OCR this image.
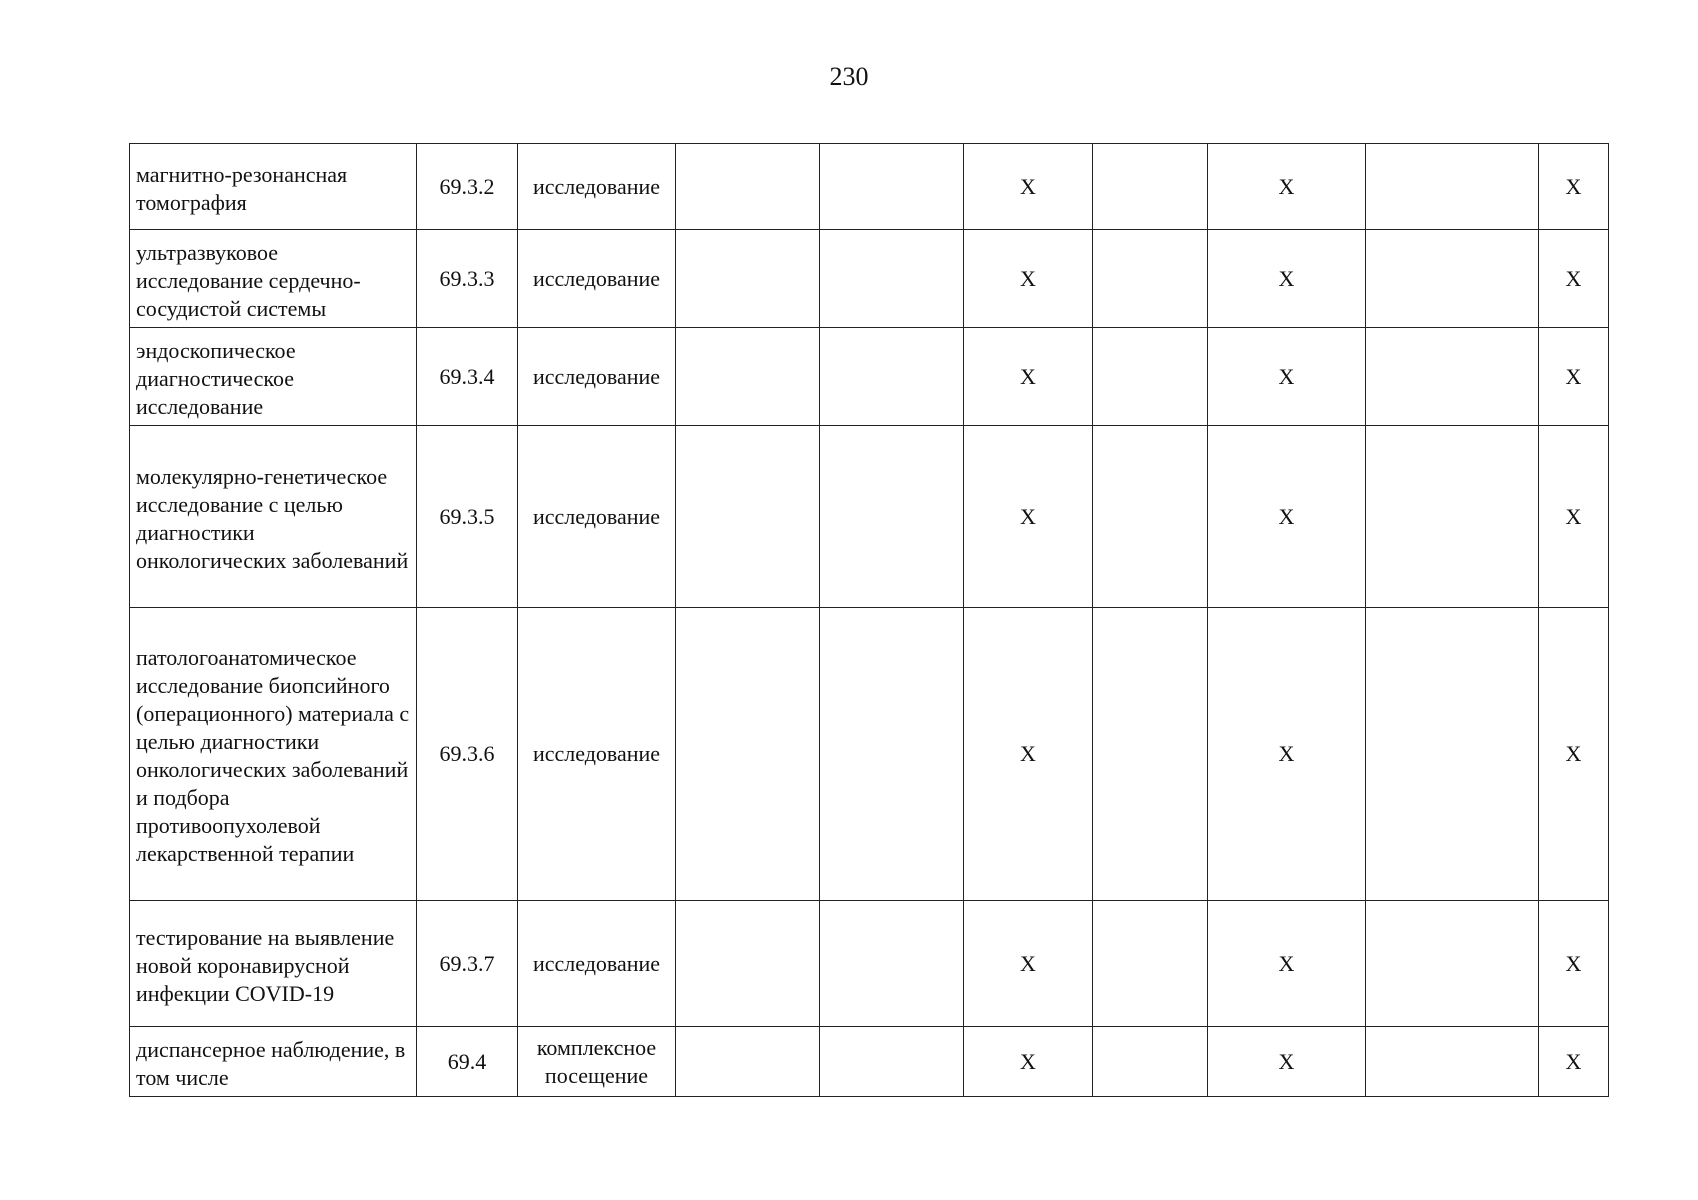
230
магнитно-резонансная томография	69.3.2	исследование			X		X		X
ультразвуковое исследование сердечно-сосудистой системы	69.3.3	исследование			X		X		X
эндоскопическое диагностическое исследование	69.3.4	исследование			X		X		X
молекулярно-генетическое исследование с целью диагностики онкологических заболеваний	69.3.5	исследование			X		X		X
патологоанатомическое исследование биопсийного (операционного) материала с целью диагностики онкологических заболеваний и подбора противоопухолевой лекарственной терапии	69.3.6	исследование			X		X		X
тестирование на выявление новой коронавирусной инфекции COVID-19	69.3.7	исследование			X		X		X
диспансерное наблюдение, в том числе	69.4	комплексное посещение			X		X		X
